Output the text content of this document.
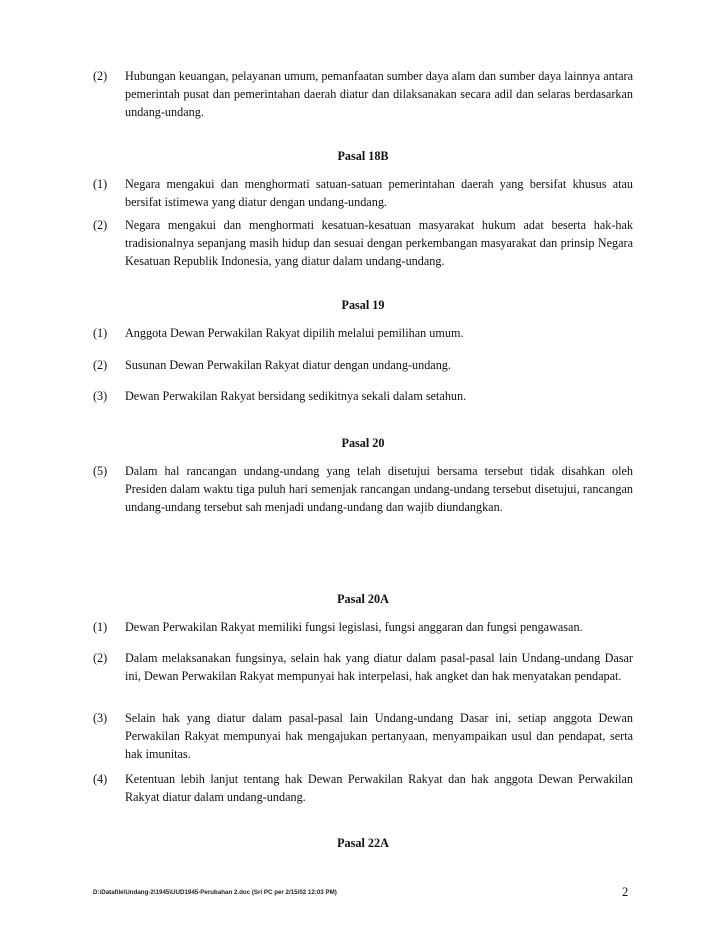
(2)	Hubungan keuangan, pelayanan umum, pemanfaatan sumber daya alam dan sumber daya lainnya antara pemerintah pusat dan pemerintahan daerah diatur dan dilaksanakan secara adil dan selaras berdasarkan undang-undang.
Pasal 18B
(1)	Negara mengakui dan menghormati satuan-satuan pemerintahan daerah yang bersifat khusus atau bersifat istimewa yang diatur dengan undang-undang.
(2)	Negara mengakui dan menghormati kesatuan-kesatuan masyarakat hukum adat beserta hak-hak tradisionalnya sepanjang masih hidup dan sesuai dengan perkembangan masyarakat dan prinsip Negara Kesatuan Republik Indonesia, yang diatur dalam undang-undang.
Pasal 19
(1)	Anggota Dewan Perwakilan Rakyat dipilih melalui pemilihan umum.
(2)	Susunan Dewan Perwakilan Rakyat diatur dengan undang-undang.
(3)	Dewan Perwakilan Rakyat bersidang sedikitnya sekali dalam setahun.
Pasal 20
(5)	Dalam hal rancangan undang-undang yang telah disetujui bersama tersebut tidak disahkan oleh Presiden dalam waktu tiga puluh hari semenjak rancangan undang-undang tersebut disetujui, rancangan undang-undang tersebut sah menjadi undang-undang dan wajib diundangkan.
Pasal 20A
(1)	Dewan Perwakilan Rakyat memiliki fungsi legislasi, fungsi anggaran dan fungsi pengawasan.
(2)	Dalam melaksanakan fungsinya, selain hak yang diatur dalam pasal-pasal lain Undang-undang Dasar ini, Dewan Perwakilan Rakyat mempunyai hak interpelasi, hak angket dan hak menyatakan pendapat.
(3)	Selain hak yang diatur dalam pasal-pasal lain Undang-undang Dasar ini, setiap anggota Dewan Perwakilan Rakyat mempunyai hak mengajukan pertanyaan, menyampaikan usul dan pendapat, serta hak imunitas.
(4)	Ketentuan lebih lanjut tentang hak Dewan Perwakilan Rakyat dan hak anggota Dewan Perwakilan Rakyat diatur dalam undang-undang.
Pasal 22A
D:\Datafile\Undang-2\1945\UUD1945-Perubahan 2.doc (Sri PC per 2/15/02 12:03 PM)	2
